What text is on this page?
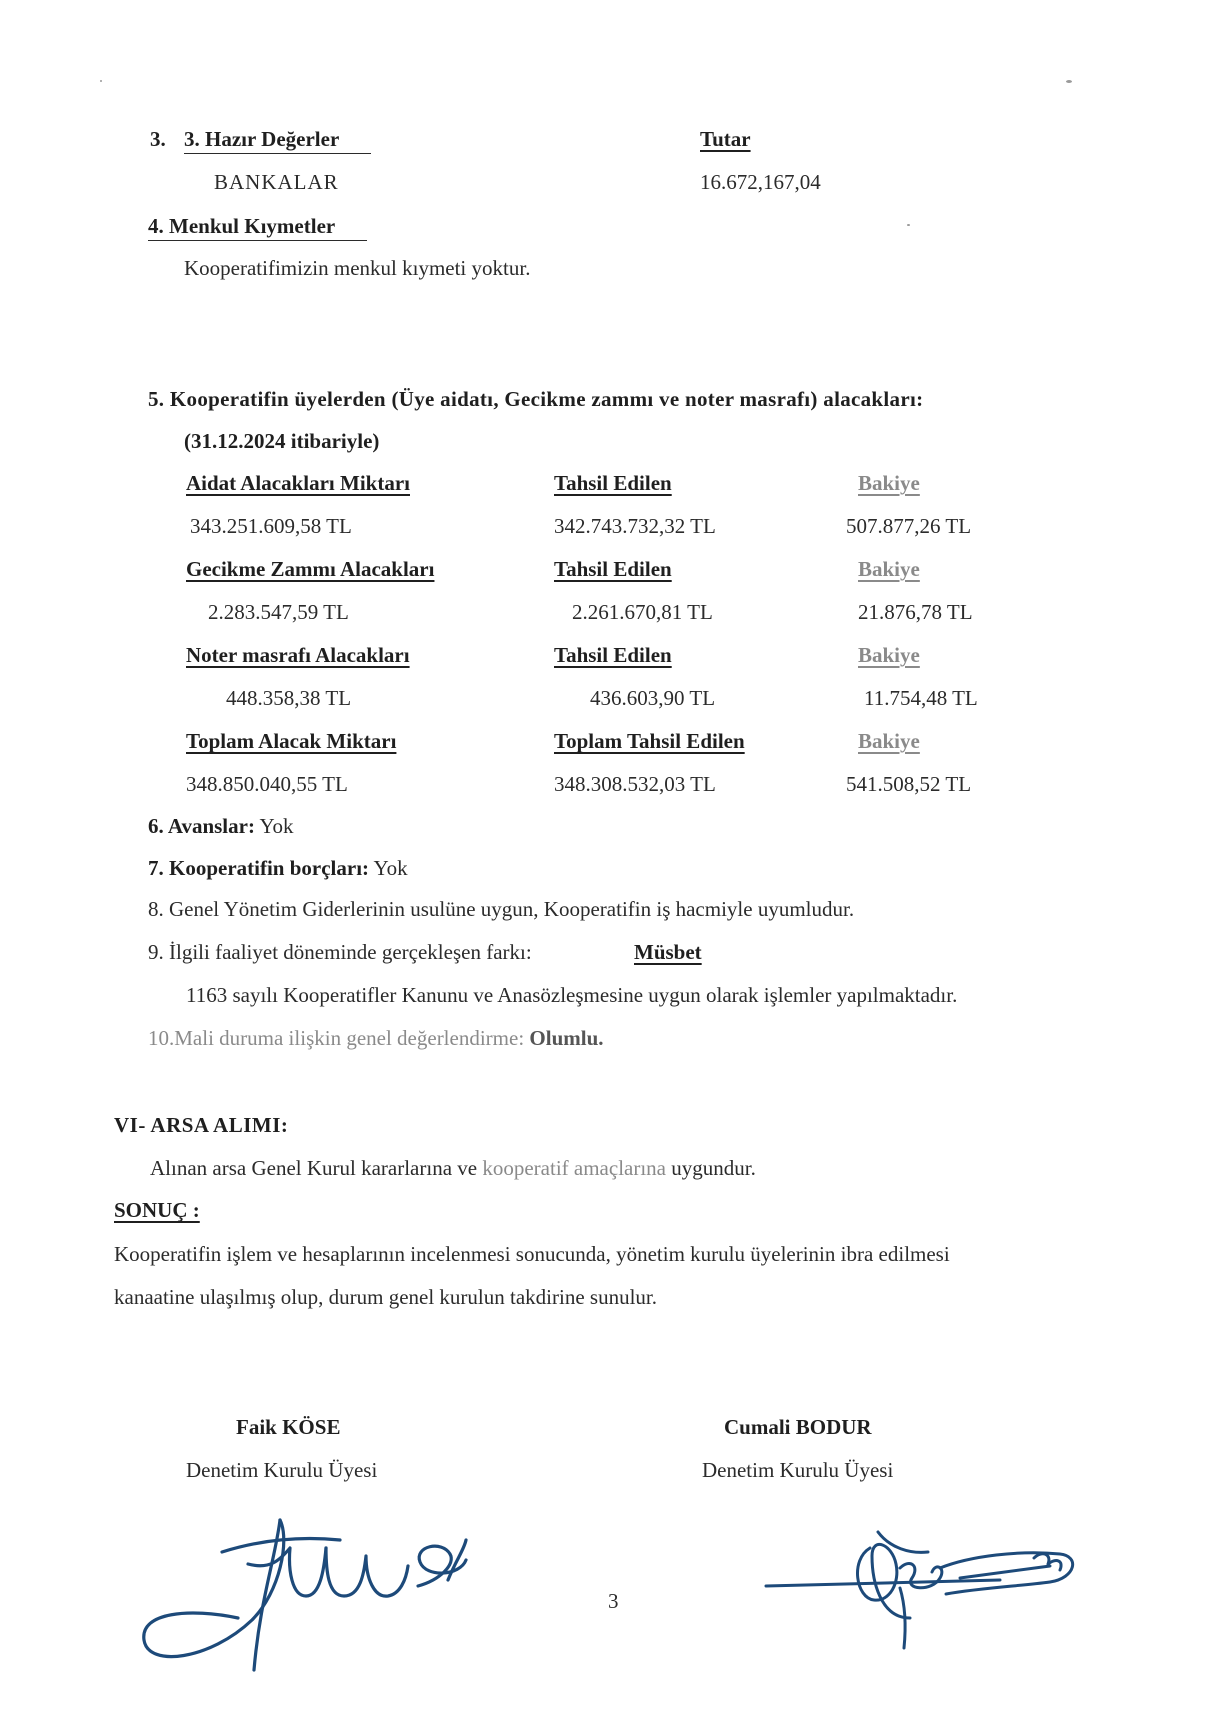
3. 3. Hazır Değerler	Tutar
BANKALAR	16.672,167,04
4. Menkul Kıymetler
Kooperatifimizin menkul kıymeti yoktur.
5. Kooperatifin üyelerden (Üye aidatı, Gecikme zammı ve noter masrafı) alacakları:
(31.12.2024 itibariyle)
Aidat Alacakları Miktarı	Tahsil Edilen	Bakiye
343.251.609,58 TL	342.743.732,32 TL	507.877,26 TL
Gecikme Zammı Alacakları	Tahsil Edilen	Bakiye
2.283.547,59 TL	2.261.670,81 TL	21.876,78 TL
Noter masrafı Alacakları	Tahsil Edilen	Bakiye
448.358,38 TL	436.603,90 TL	11.754,48 TL
Toplam Alacak Miktarı	Toplam Tahsil Edilen	Bakiye
348.850.040,55 TL	348.308.532,03 TL	541.508,52 TL
6. Avanslar: Yok
7. Kooperatifin borçları: Yok
8. Genel Yönetim Giderlerinin usulüne uygun, Kooperatifin iş hacmiyle uyumludur.
9. İlgili faaliyet döneminde gerçekleşen farkı:	Müsbet
1163 sayılı Kooperatifler Kanunu ve Anasözleşmesine uygun olarak işlemler yapılmaktadır.
10.Mali duruma ilişkin genel değerlendirme: Olumlu.
VI- ARSA ALIMI:
Alınan arsa Genel Kurul kararlarına ve kooperatif amaçlarına uygundur.
SONUÇ :
Kooperatifin işlem ve hesaplarının incelenmesi sonucunda, yönetim kurulu üyelerinin ibra edilmesi
kanaatine ulaşılmış olup, durum genel kurulun takdirine sunulur.
Faik KÖSE
Denetim Kurulu Üyesi
Cumali BODUR
Denetim Kurulu Üyesi
3
